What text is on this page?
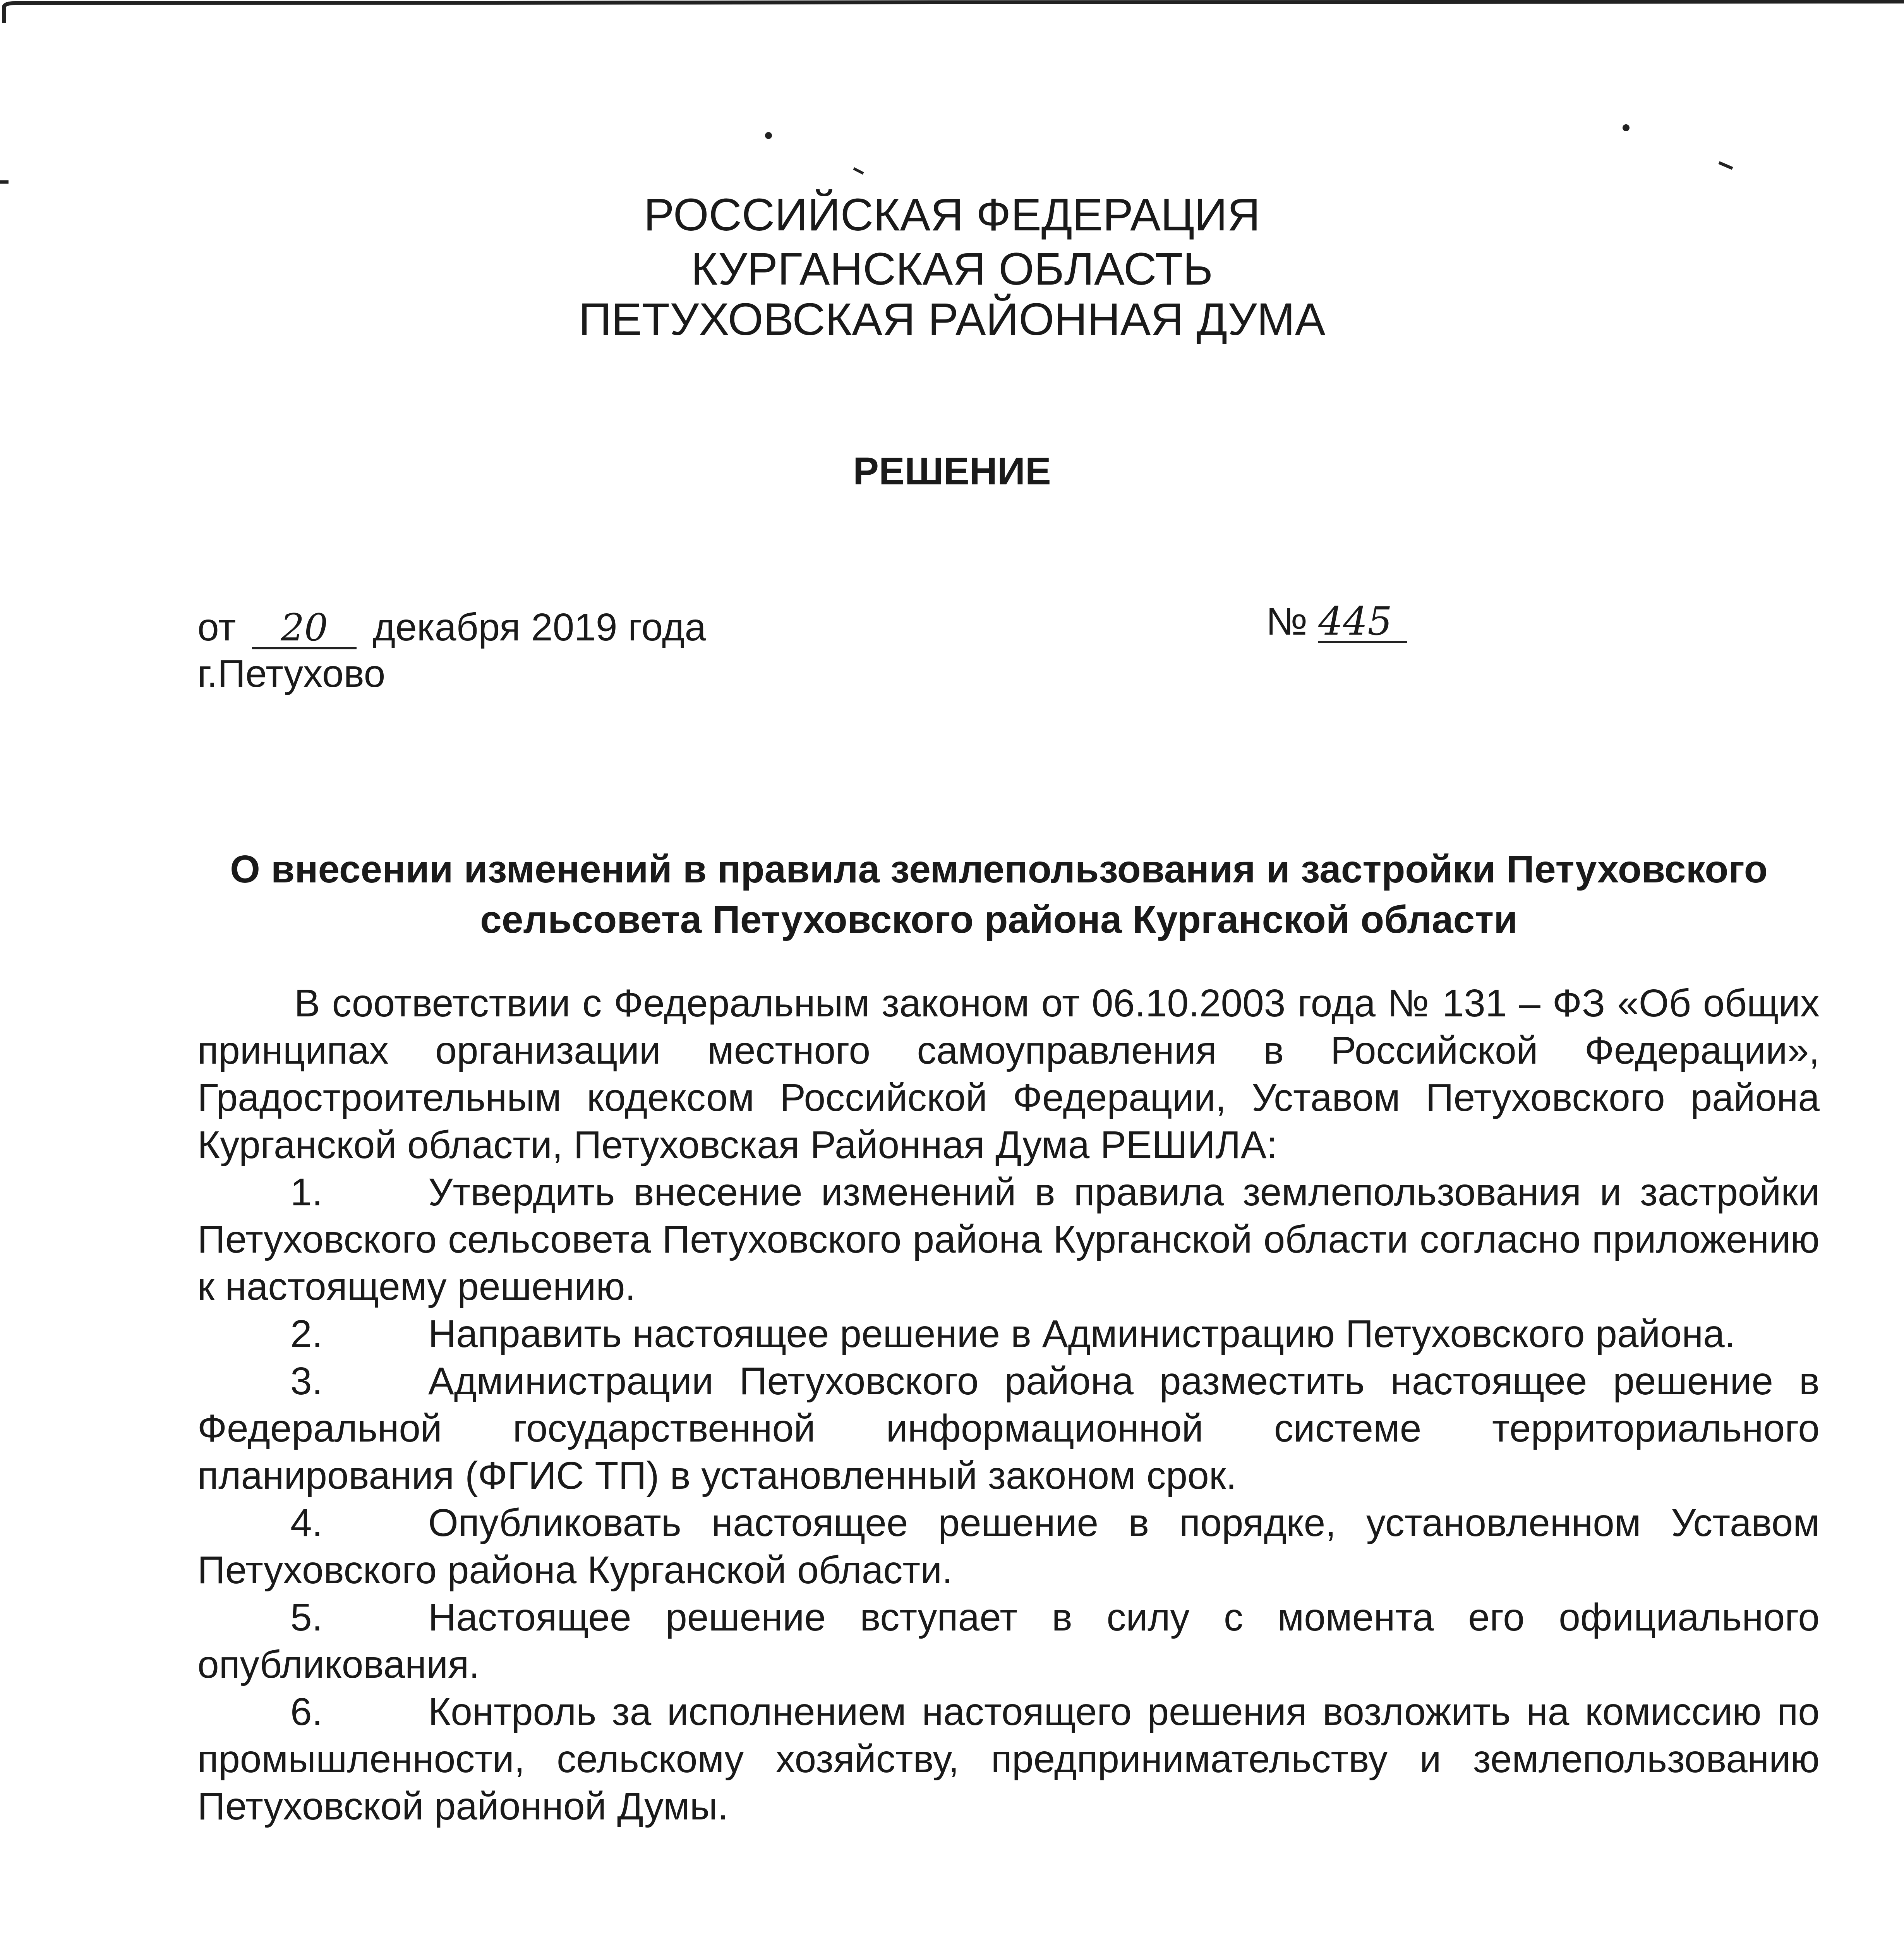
РОССИЙСКАЯ ФЕДЕРАЦИЯ
КУРГАНСКАЯ ОБЛАСТЬ
ПЕТУХОВСКАЯ РАЙОННАЯ ДУМА
РЕШЕНИЕ
от 20 декабря 2019 года	№ 445
г.Петухово
О внесении изменений в правила землепользования и застройки Петуховского сельсовета Петуховского района Курганской области

В соответствии с Федеральным законом от 06.10.2003 года № 131 – ФЗ «Об общих принципах организации местного самоуправления в Российской Федерации», Градостроительным кодексом Российской Федерации, Уставом Петуховского района Курганской области, Петуховская Районная Дума РЕШИЛА:

1.	Утвердить внесение изменений в правила землепользования и застройки Петуховского сельсовета Петуховского района Курганской области согласно приложению к настоящему решению.

2.	Направить настоящее решение в Администрацию Петуховского района.

3.	Администрации Петуховского района разместить настоящее решение в Федеральной государственной информационной системе территориального планирования (ФГИС ТП) в установленный законом срок.

4.	Опубликовать настоящее решение в порядке, установленном Уставом Петуховского района Курганской области.

5.	Настоящее решение вступает в силу с момента его официального опубликования.

6.	Контроль за исполнением настоящего решения возложить на комиссию по промышленности, сельскому хозяйству, предпринимательству и землепользованию Петуховской районной Думы.
